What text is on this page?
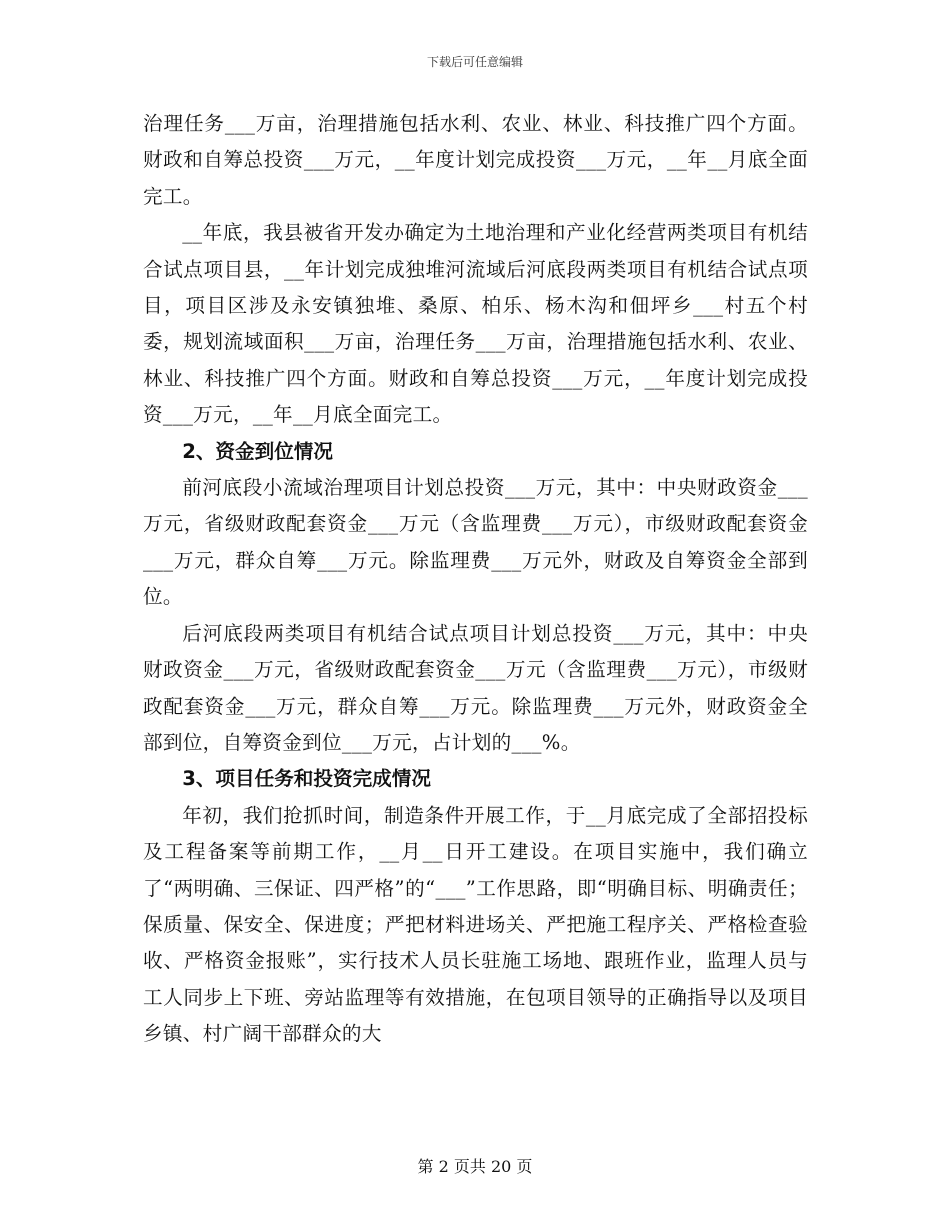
下载后可任意编辑

治理任务___万亩，治理措施包括水利、农业、林业、科技推广四个方面。财政和自筹总投资___万元，__年度计划完成投资___万元，__年__月底全面完工。

__年底，我县被省开发办确定为土地治理和产业化经营两类项目有机结合试点项目县，__年计划完成独堆河流域后河底段两类项目有机结合试点项目，项目区涉及永安镇独堆、桑原、柏乐、杨木沟和佃坪乡___村五个村委，规划流域面积___万亩，治理任务___万亩，治理措施包括水利、农业、林业、科技推广四个方面。财政和自筹总投资___万元，__年度计划完成投资___万元，__年__月底全面完工。

2、资金到位情况

前河底段小流域治理项目计划总投资___万元，其中：中央财政资金___万元，省级财政配套资金___万元（含监理费___万元），市级财政配套资金___万元，群众自筹___万元。除监理费___万元外，财政及自筹资金全部到位。

后河底段两类项目有机结合试点项目计划总投资___万元，其中：中央财政资金___万元，省级财政配套资金___万元（含监理费___万元），市级财政配套资金___万元，群众自筹___万元。除监理费___万元外，财政资金全部到位，自筹资金到位___万元，占计划的___%。

3、项目任务和投资完成情况

年初，我们抢抓时间，制造条件开展工作，于__月底完成了全部招投标及工程备案等前期工作，__月__日开工建设。在项目实施中，我们确立了“两明确、三保证、四严格”的“___”工作思路，即“明确目标、明确责任；保质量、保安全、保进度；严把材料进场关、严把施工程序关、严格检查验收、严格资金报账”，实行技术人员长驻施工场地、跟班作业，监理人员与工人同步上下班、旁站监理等有效措施，在包项目领导的正确指导以及项目乡镇、村广阔干部群众的大

第 2 页共 20 页
